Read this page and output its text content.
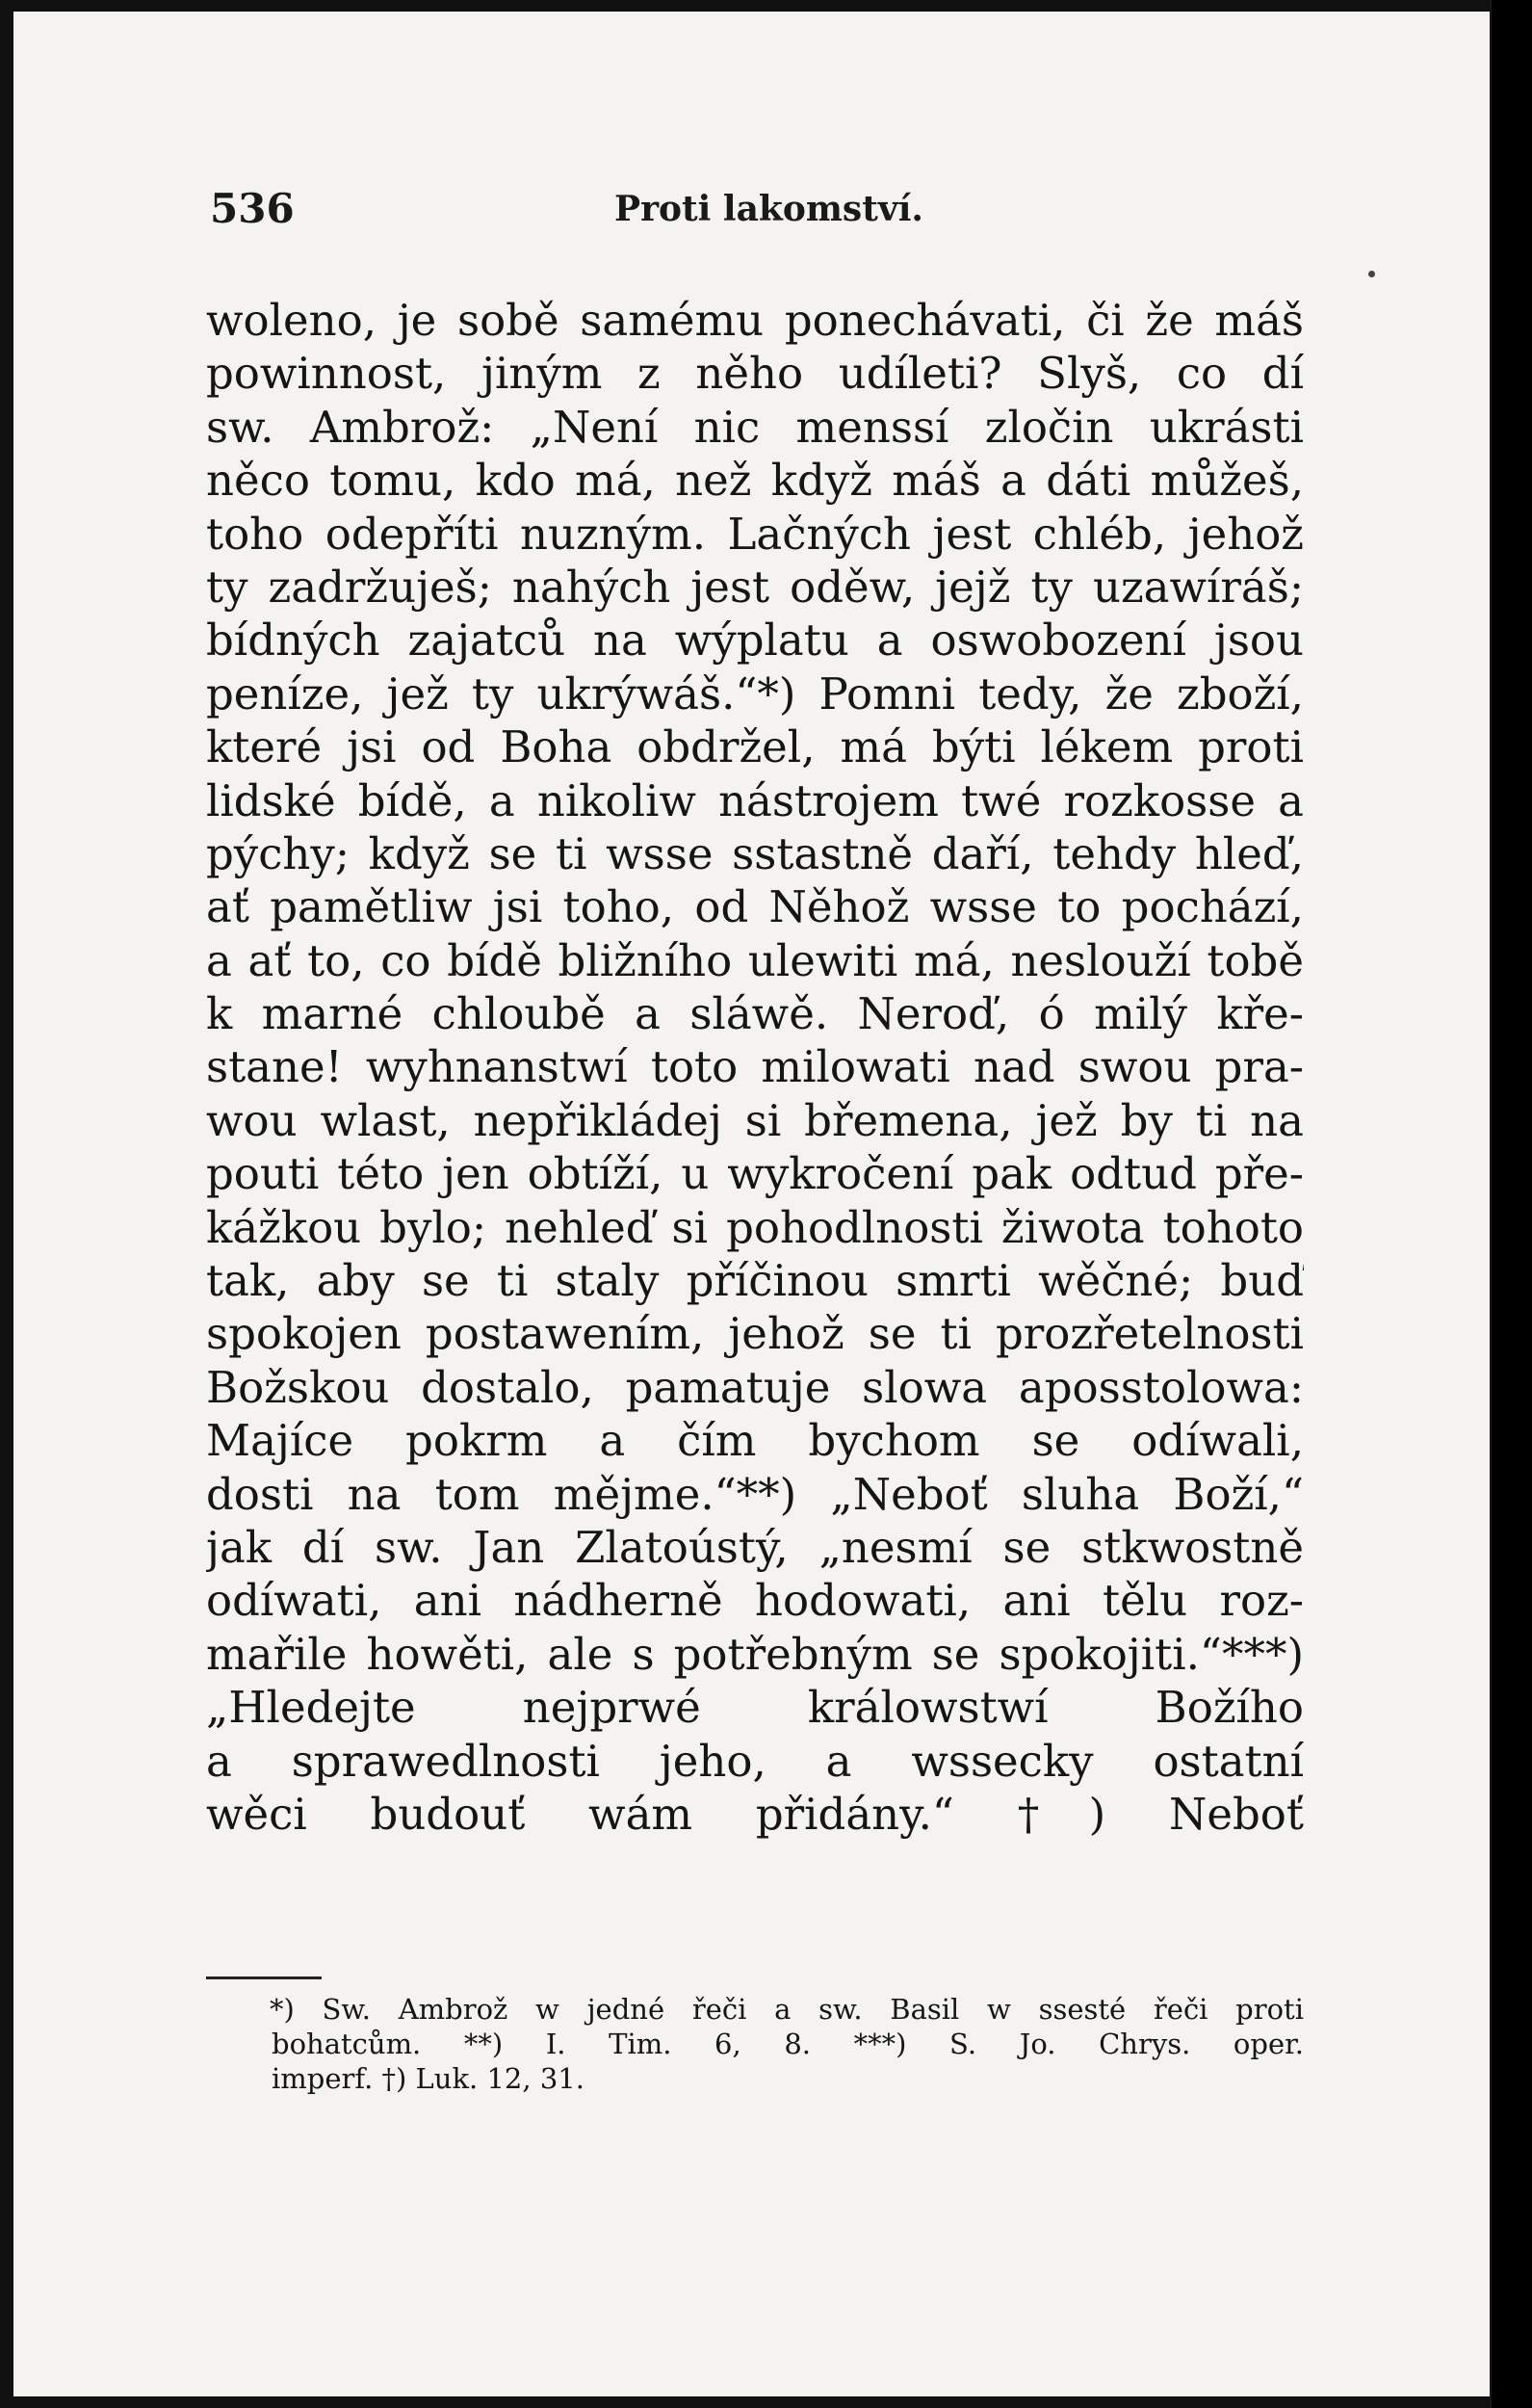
536	Proti lakomství.
woleno, je sobě samému ponechávati, či že máš
powinnost, jiným z něho udíleti? Slyš, co dí
sw. Ambrož: „Není nic menssí zločin ukrásti
něco tomu, kdo má, než když máš a dáti můžeš,
toho odepříti nuzným. Lačných jest chléb, jehož
ty zadržuješ; nahých jest oděw, jejž ty uzawíráš;
bídných zajatců na wýplatu a oswobození jsou
peníze, jež ty ukrýwáš.“*) Pomni tedy, že zboží,
které jsi od Boha obdržel, má býti lékem proti
lidské bídě, a nikoliw nástrojem twé rozkosse a
pýchy; když se ti wsse sstastně daří, tehdy hleď,
ať pamětliw jsi toho, od Něhož wsse to pochází,
a ať to, co bídě bližního ulewiti má, neslouží tobě
k marné chloubě a sláwě. Neroď, ó milý kře-
stane! wyhnanstwí toto milowati nad swou pra-
wou wlast, nepřikládej si břemena, jež by ti na
pouti této jen obtíží, u wykročení pak odtud pře-
kážkou bylo; nehleď si pohodlnosti žiwota tohoto
tak, aby se ti staly příčinou smrti wěčné; buď
spokojen postawením, jehož se ti prozřetelnosti
Božskou dostalo, pamatuje slowa aposstolowa:
Majíce pokrm a čím bychom se odíwali,
dosti na tom mějme.“**) „Neboť sluha Boží,“
jak dí sw. Jan Zlatoústý, „nesmí se stkwostně
odíwati, ani nádherně hodowati, ani tělu roz-
mařile howěti, ale s potřebným se spokojiti.“***)
„Hledejte nejprwé králowstwí Božího
a sprawedlnosti jeho, a wssecky ostatní
wěci budouť wám přidány.“ †) Neboť
*) Sw. Ambrož w jedné řeči a sw. Basil w ssesté řeči proti
bohatcům. **) I. Tim. 6, 8. ***) S. Jo. Chrys. oper.
imperf. †) Luk. 12, 31.
